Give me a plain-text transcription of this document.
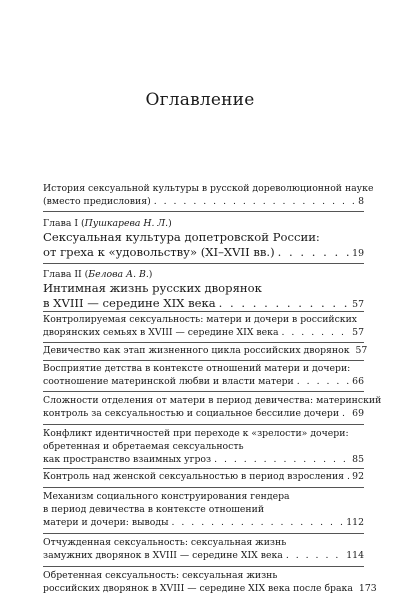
Оглавление
История сексуальной культуры в русской дореволюционной науке
(вместо предисловия) . . .	8
Глава I (Пушкарева Н. Л.)
Сексуальная культура допетровской России:
от греха к «удовольству» (XI–XVII вв.) . . .	19
Глава II (Белова А. В.)
Интимная жизнь русских дворянок
в XVIII — середине XIX века . . .	57
Контролируемая сексуальность: матери и дочери в российских
дворянских семьях в XVIII — середине XIX века . . .	57
Девичество как этап жизненного цикла российских дворянок 57
Восприятие детства в контексте отношений матери и дочери:
соотношение материнской любви и власти матери . . .	66
Сложности отделения от матери в период девичества: материнский
контроль за сексуальностью и социальное бессилие дочери . . . 69
Конфликт идентичностей при переходе к «зрелости» дочери:
обретенная и обретаемая сексуальность
как пространство взаимных угроз . . .	85
Контроль над женской сексуальностью в период взросления . . . 92
Механизм социального конструирования гендера
в период девичества в контексте отношений
матери и дочери: выводы . . .	112
Отчужденная сексуальность: сексуальная жизнь
замужних дворянок в XVIII — середине XIX века . . .	114
Обретенная сексуальность: сексуальная жизнь
российских дворянок в XVIII — середине XIX века после брака 173
